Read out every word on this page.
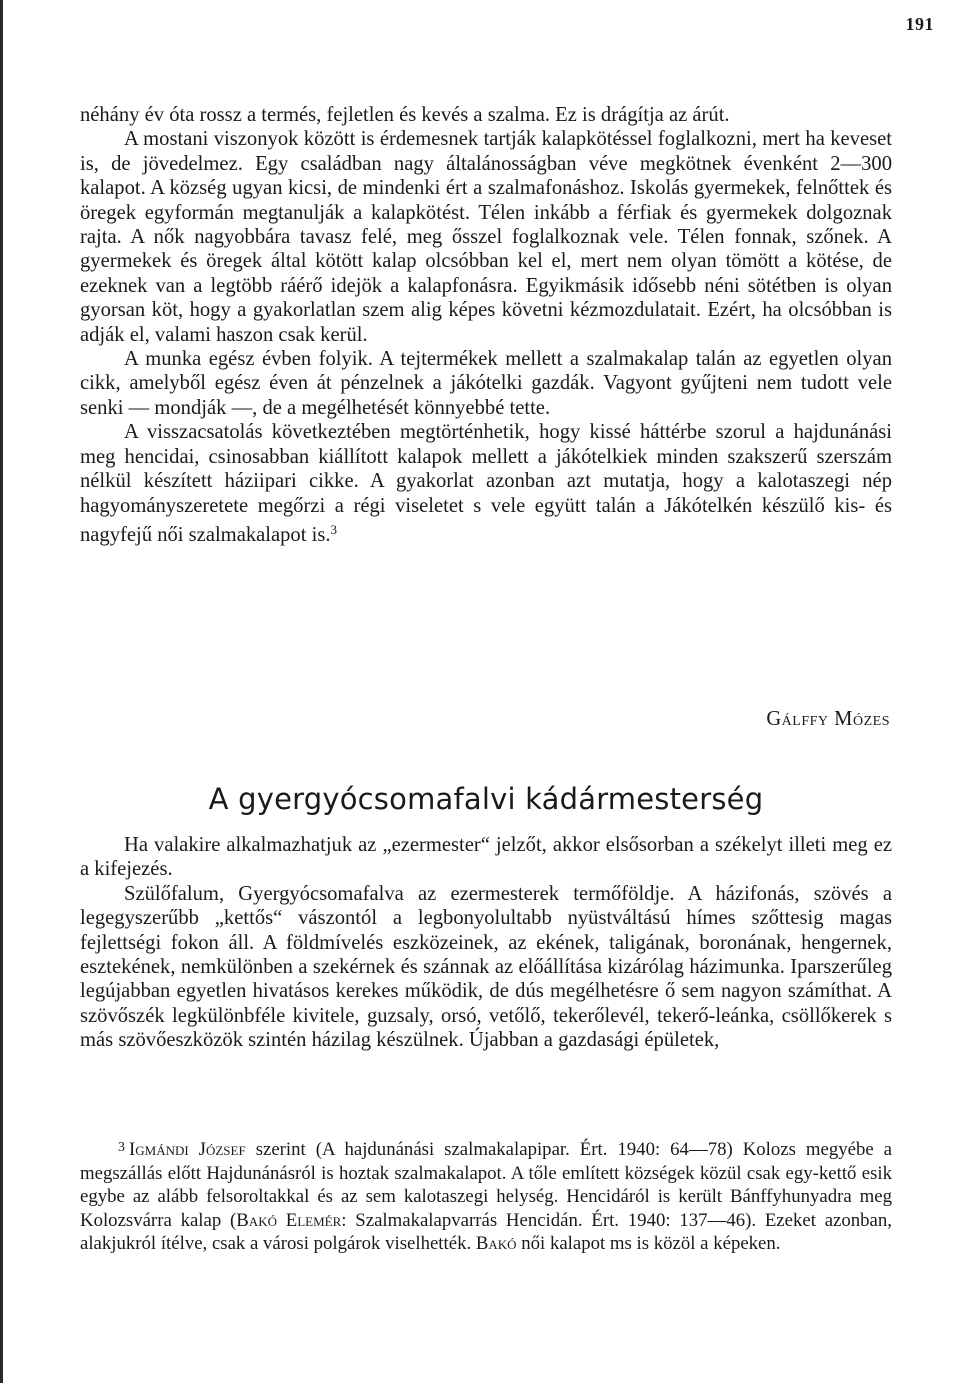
191

néhány év óta rossz a termés, fejletlen és kevés a szalma. Ez is drágítja az árút.

A mostani viszonyok között is érdemesnek tartják kalapkötéssel foglalkozni, mert ha keveset is, de jövedelmez. Egy családban nagy általánosságban véve megkötnek évenként 2—300 kalapot. A község ugyan kicsi, de mindenki ért a szalmafonáshoz. Iskolás gyermekek, felnőttek és öregek egyformán megtanulják a kalapkötést. Télen inkább a férfiak és gyermekek dolgoznak rajta. A nők nagyobbára tavasz felé, meg ősszel foglalkoznak vele. Télen fonnak, szőnek. A gyermekek és öregek által kötött kalap olcsóbban kel el, mert nem olyan tömött a kötése, de ezeknek van a legtöbb ráérő idejök a kalapfonásra. Egyikmásik idősebb néni sötétben is olyan gyorsan köt, hogy a gyakorlatlan szem alig képes követni kézmozdulatait. Ezért, ha olcsóbban is adják el, valami haszon csak kerül.

A munka egész évben folyik. A tejtermékek mellett a szalmakalap talán az egyetlen olyan cikk, amelyből egész éven át pénzelnek a jákótelki gazdák. Vagyont gyűjteni nem tudott vele senki — mondják —, de a megélhetését könnyebbé tette.

A visszacsatolás következtében megtörténhetik, hogy kissé háttérbe szorul a hajdunánási meg hencidai, csinosabban kiállított kalapok mellett a jákótelkiek minden szakszerű szerszám nélkül készített háziipari cikke. A gyakorlat azonban azt mutatja, hogy a kalotaszegi nép hagyományszeretete megőrzi a régi viseletet s vele együtt talán a Jákótelkén készülő kis- és nagyfejű női szalmakalapot is.$^3$

Gálffy Mózes
A gyergyócsomafalvi kádármesterség

Ha valakire alkalmazhatjuk az „ezermester“ jelzőt, akkor elsősorban a székelyt illeti meg ez a kifejezés.

Szülőfalum, Gyergyócsomafalva az ezermesterek termőföldje. A házifonás, szövés a legegyszerűbb „kettős“ vászontól a legbonyolultabb nyüstváltású hímes szőttesig magas fejlettségi fokon áll. A földmívelés eszközeinek, az ekének, taligának, boronának, hengernek, esztekének, nemkülönben a szekérnek és szánnak az előállítása kizárólag házimunka. Iparszerűleg legújabban egyetlen hivatásos kerekes működik, de dús megélhetésre ő sem nagyon számíthat. A szövőszék legkülönbféle kivitele, guzsaly, orsó, vetőlő, tekerőlevél, tekerő-leánka, csöllőkerek s más szövőeszközök szintén házilag készülnek. Újabban a gazdasági épületek,

$^3$ Igmándi József szerint (A hajdunánási szalmakalapipar. Ért. 1940: 64—78) Kolozs megyébe a megszállás előtt Hajdunánásról is hoztak szalmakalapot. A tőle említett községek közül csak egy-kettő esik egybe az alább felsoroltakkal és az sem kalotaszegi helység. Hencidáról is került Bánffyhunyadra meg Kolozsvárra kalap (Bakó Elemér: Szalmakalapvarrás Hencidán. Ért. 1940: 137—46). Ezeket azonban, alakjukról ítélve, csak a városi polgárok viselhették. Bakó női kalapot ms is közöl a képeken.
